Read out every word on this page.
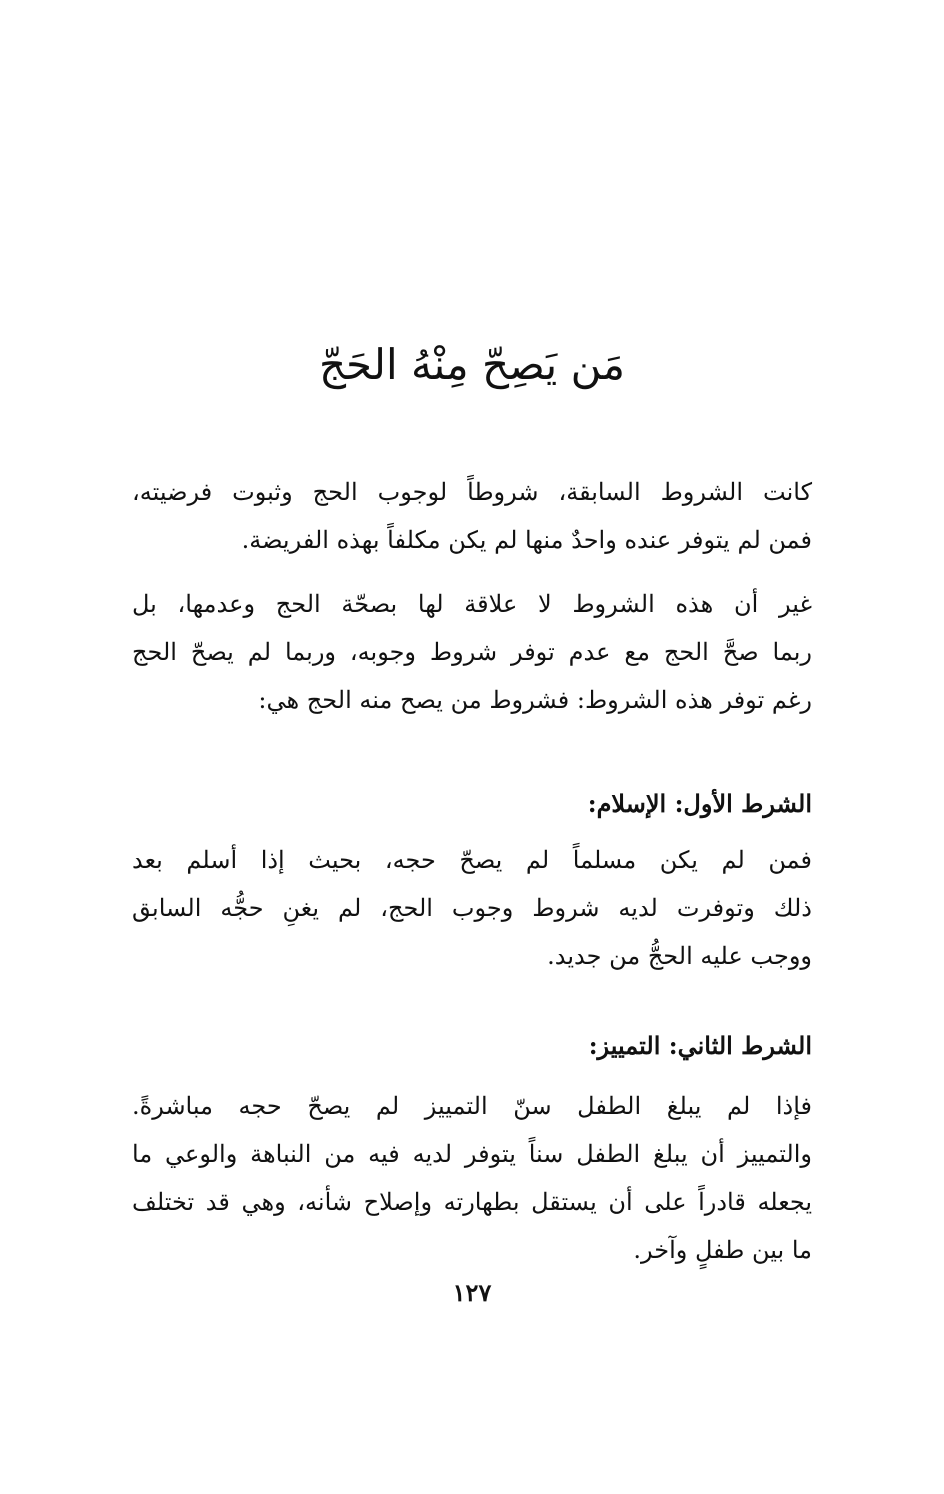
مَن يَصِحّ مِنْهُ الحَجّ
كانت الشروط السابقة، شروطاً لوجوب الحج وثبوت فرضيته،
فمن لم يتوفر عنده واحدٌ منها لم يكن مكلفاً بهذه الفريضة.
غير أن هذه الشروط لا علاقة لها بصحّة الحج وعدمها، بل
ربما صحَّ الحج مع عدم توفر شروط وجوبه، وربما لم يصحّ الحج
رغم توفر هذه الشروط: فشروط من يصح منه الحج هي:
الشرط الأول: الإسلام:
فمن لم يكن مسلماً لم يصحّ حجه، بحيث إذا أسلم بعد
ذلك وتوفرت لديه شروط وجوب الحج، لم يغنِ حجُّه السابق
ووجب عليه الحجُّ من جديد.
الشرط الثاني: التمييز:
فإذا لم يبلغ الطفل سنّ التمييز لم يصحّ حجه مباشرةً.
والتمييز أن يبلغ الطفل سناً يتوفر لديه فيه من النباهة والوعي ما
يجعله قادراً على أن يستقل بطهارته وإصلاح شأنه، وهي قد تختلف
ما بين طفلٍ وآخر.
١٢٧
